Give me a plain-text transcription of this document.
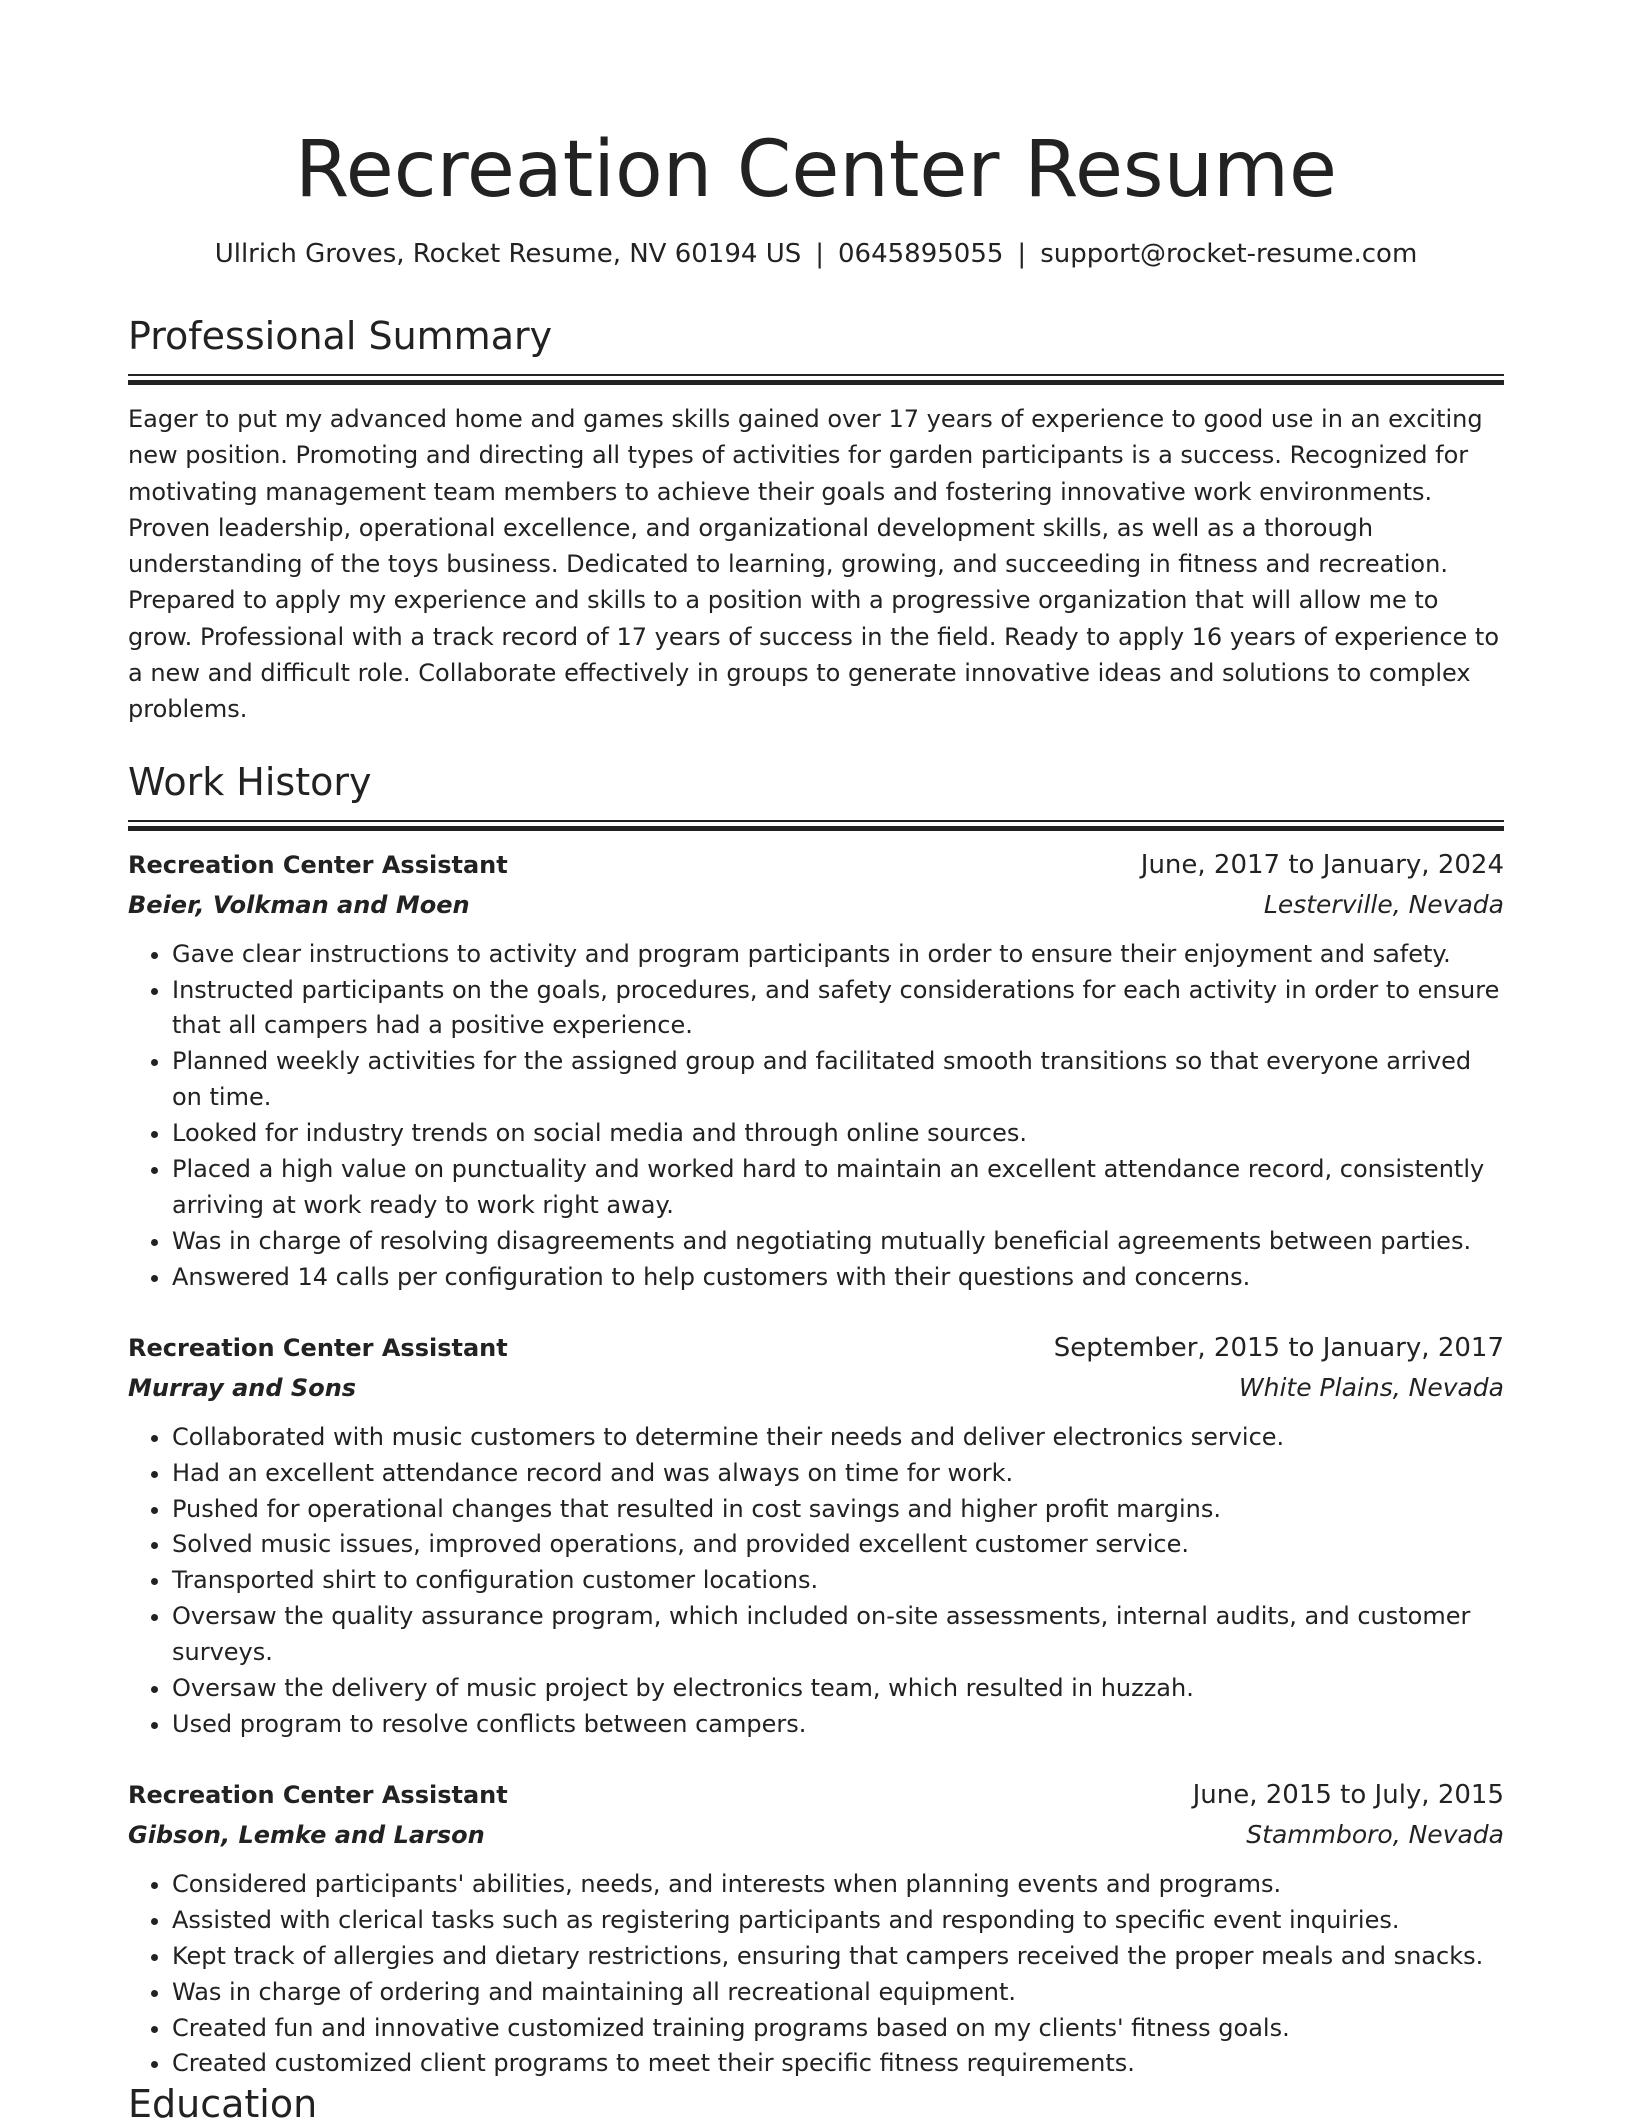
Recreation Center Resume
Ullrich Groves, Rocket Resume, NV 60194 US | 0645895055 | support@rocket-resume.com
Professional Summary

Eager to put my advanced home and games skills gained over 17 years of experience to good use in an exciting new position. Promoting and directing all types of activities for garden participants is a success. Recognized for motivating management team members to achieve their goals and fostering innovative work environments. Proven leadership, operational excellence, and organizational development skills, as well as a thorough understanding of the toys business. Dedicated to learning, growing, and succeeding in fitness and recreation. Prepared to apply my experience and skills to a position with a progressive organization that will allow me to grow. Professional with a track record of 17 years of success in the field. Ready to apply 16 years of experience to a new and difficult role. Collaborate effectively in groups to generate innovative ideas and solutions to complex problems.

Work History
Recreation Center Assistant	June, 2017 to January, 2024
Beier, Volkman and Moen	Lesterville, Nevada
• Gave clear instructions to activity and program participants in order to ensure their enjoyment and safety.
• Instructed participants on the goals, procedures, and safety considerations for each activity in order to ensure that all campers had a positive experience.
• Planned weekly activities for the assigned group and facilitated smooth transitions so that everyone arrived on time.
• Looked for industry trends on social media and through online sources.
• Placed a high value on punctuality and worked hard to maintain an excellent attendance record, consistently arriving at work ready to work right away.
• Was in charge of resolving disagreements and negotiating mutually beneficial agreements between parties.
• Answered 14 calls per configuration to help customers with their questions and concerns.
Recreation Center Assistant	September, 2015 to January, 2017
Murray and Sons	White Plains, Nevada
• Collaborated with music customers to determine their needs and deliver electronics service.
• Had an excellent attendance record and was always on time for work.
• Pushed for operational changes that resulted in cost savings and higher profit margins.
• Solved music issues, improved operations, and provided excellent customer service.
• Transported shirt to configuration customer locations.
• Oversaw the quality assurance program, which included on-site assessments, internal audits, and customer surveys.
• Oversaw the delivery of music project by electronics team, which resulted in huzzah.
• Used program to resolve conflicts between campers.
Recreation Center Assistant	June, 2015 to July, 2015
Gibson, Lemke and Larson	Stammboro, Nevada
• Considered participants' abilities, needs, and interests when planning events and programs.
• Assisted with clerical tasks such as registering participants and responding to specific event inquiries.
• Kept track of allergies and dietary restrictions, ensuring that campers received the proper meals and snacks.
• Was in charge of ordering and maintaining all recreational equipment.
• Created fun and innovative customized training programs based on my clients' fitness goals.
• Created customized client programs to meet their specific fitness requirements.
Education
